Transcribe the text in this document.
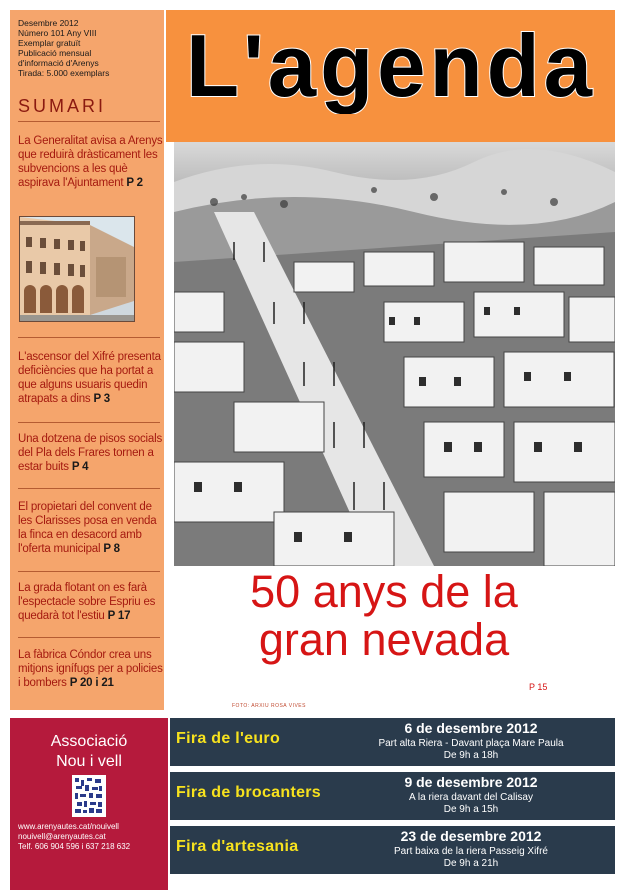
Desembre 2012
Número 101 Any VIII
Exemplar gratuït
Publicació mensual
d'informació d'Arenys
Tirada: 5.000 exemplars
SUMARI
La Generalitat avisa a Arenys que reduirà dràsticament les subvencions a les què aspirava l'Ajuntament P 2
L'ascensor del Xifré presenta deficiències que ha portat a que alguns usuaris quedin atrapats a dins P 3
Una dotzena de pisos socials del Pla dels Frares tornen a estar buits P 4
El propietari del convent de les Clarisses posa en venda la finca en desacord amb l'oferta municipal P 8
La grada flotant on es farà l'espectacle sobre Espriu es quedarà tot l'estiu P 17
La fàbrica Cóndor crea uns mitjons ignífugs per a policies i bombers P 20 i 21
L'agenda
50 anys de la
gran nevada
P 15
FOTO: ARXIU ROSA VIVES
Associació
Nou i vell
www.arenyautes.cat/nouivell
nouivell@arenyautes.cat
Telf. 606 904 596 i 637 218 632
Fira de l'euro
6 de desembre 2012
Part alta Riera - Davant plaça Mare Paula
De 9h a 18h
Fira de brocanters
9 de desembre 2012
A la riera davant del Calisay
De 9h a 15h
Fira d'artesania
23 de desembre 2012
Part baixa de la riera Passeig Xifré
De 9h a 21h
